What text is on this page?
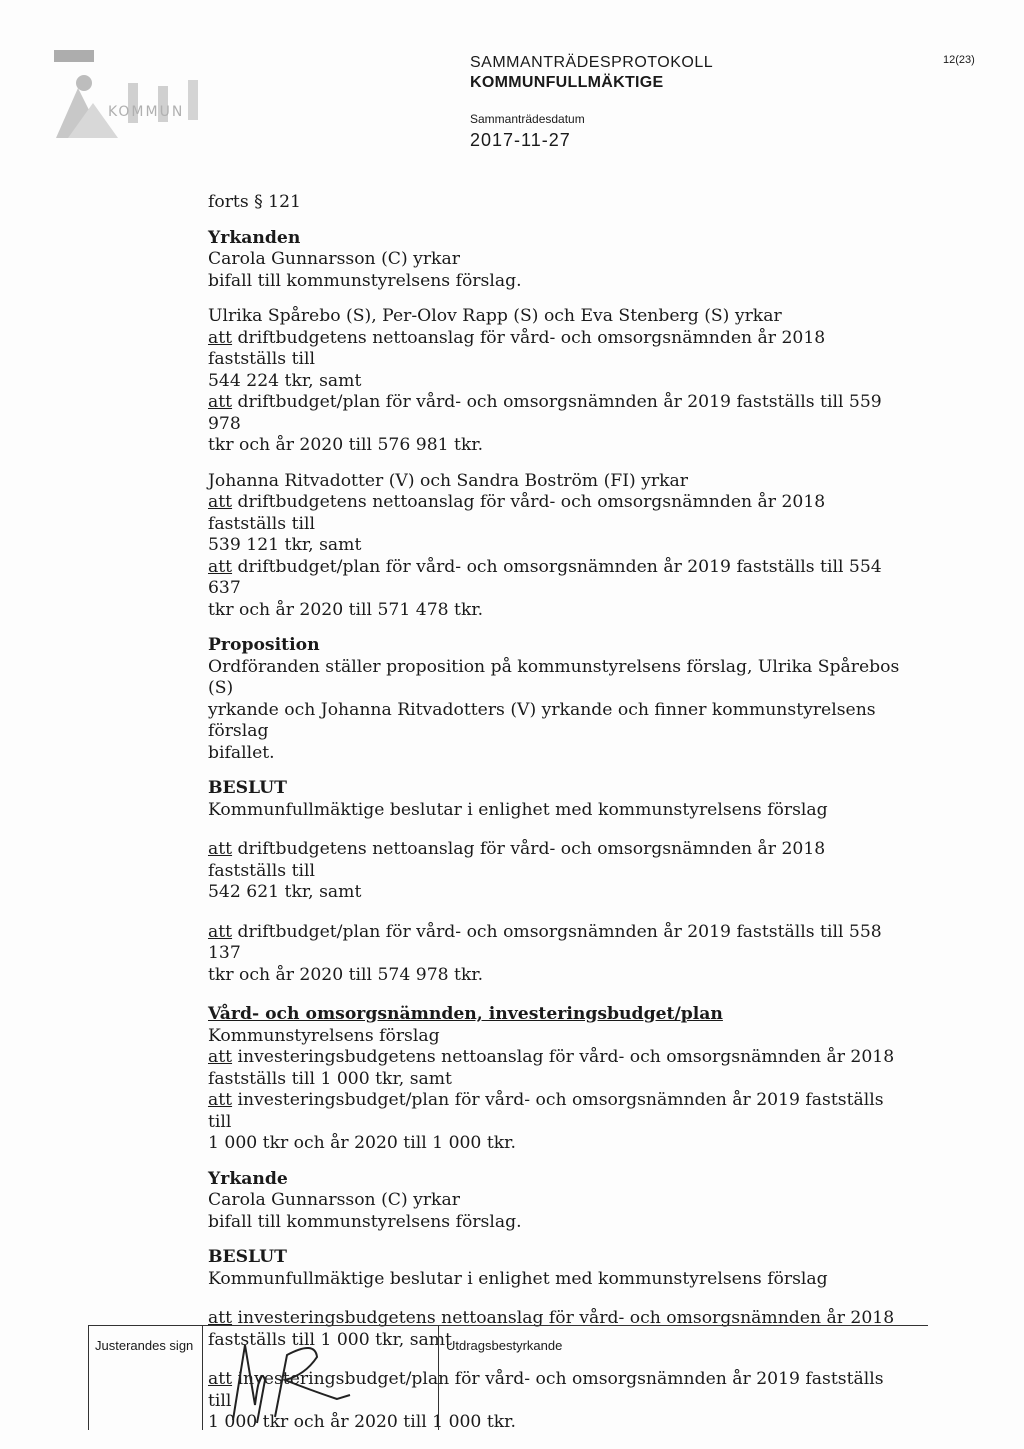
KOMMUN
SAMMANTRÄDESPROTOKOLL
KOMMUNFULLMÄKTIGE
Sammanträdesdatum
2017-11-27
12(23)

forts § 121

Yrkanden

Carola Gunnarsson (C) yrkar

bifall till kommunstyrelsens förslag.

Ulrika Spårebo (S), Per-Olov Rapp (S) och Eva Stenberg (S) yrkar

att driftbudgetens nettoanslag för vård- och omsorgsnämnden år 2018 fastställs till

544 224 tkr, samt

att driftbudget/plan för vård- och omsorgsnämnden år 2019 fastställs till 559 978

tkr och år 2020 till 576 981 tkr.

Johanna Ritvadotter (V) och Sandra Boström (FI) yrkar

att driftbudgetens nettoanslag för vård- och omsorgsnämnden år 2018 fastställs till

539 121 tkr, samt

att driftbudget/plan för vård- och omsorgsnämnden år 2019 fastställs till 554 637

tkr och år 2020 till 571 478 tkr.

Proposition

Ordföranden ställer proposition på kommunstyrelsens förslag, Ulrika Spårebos (S)

yrkande och Johanna Ritvadotters (V) yrkande och finner kommunstyrelsens förslag

bifallet.

BESLUT

Kommunfullmäktige beslutar i enlighet med kommunstyrelsens förslag

att driftbudgetens nettoanslag för vård- och omsorgsnämnden år 2018 fastställs till

542 621 tkr, samt

att driftbudget/plan för vård- och omsorgsnämnden år 2019 fastställs till 558 137

tkr och år 2020 till 574 978 tkr.

Vård- och omsorgsnämnden, investeringsbudget/plan

Kommunstyrelsens förslag

att investeringsbudgetens nettoanslag för vård- och omsorgsnämnden år 2018

fastställs till 1 000 tkr, samt

att investeringsbudget/plan för vård- och omsorgsnämnden år 2019 fastställs till

1 000 tkr och år 2020 till 1 000 tkr.

Yrkande

Carola Gunnarsson (C) yrkar

bifall till kommunstyrelsens förslag.

BESLUT

Kommunfullmäktige beslutar i enlighet med kommunstyrelsens förslag

att investeringsbudgetens nettoanslag för vård- och omsorgsnämnden år 2018

fastställs till 1 000 tkr, samt

att investeringsbudget/plan för vård- och omsorgsnämnden år 2019 fastställs till

1 000 tkr och år 2020 till 1 000 tkr.

Justerandes sign	Utdragsbestyrkande
